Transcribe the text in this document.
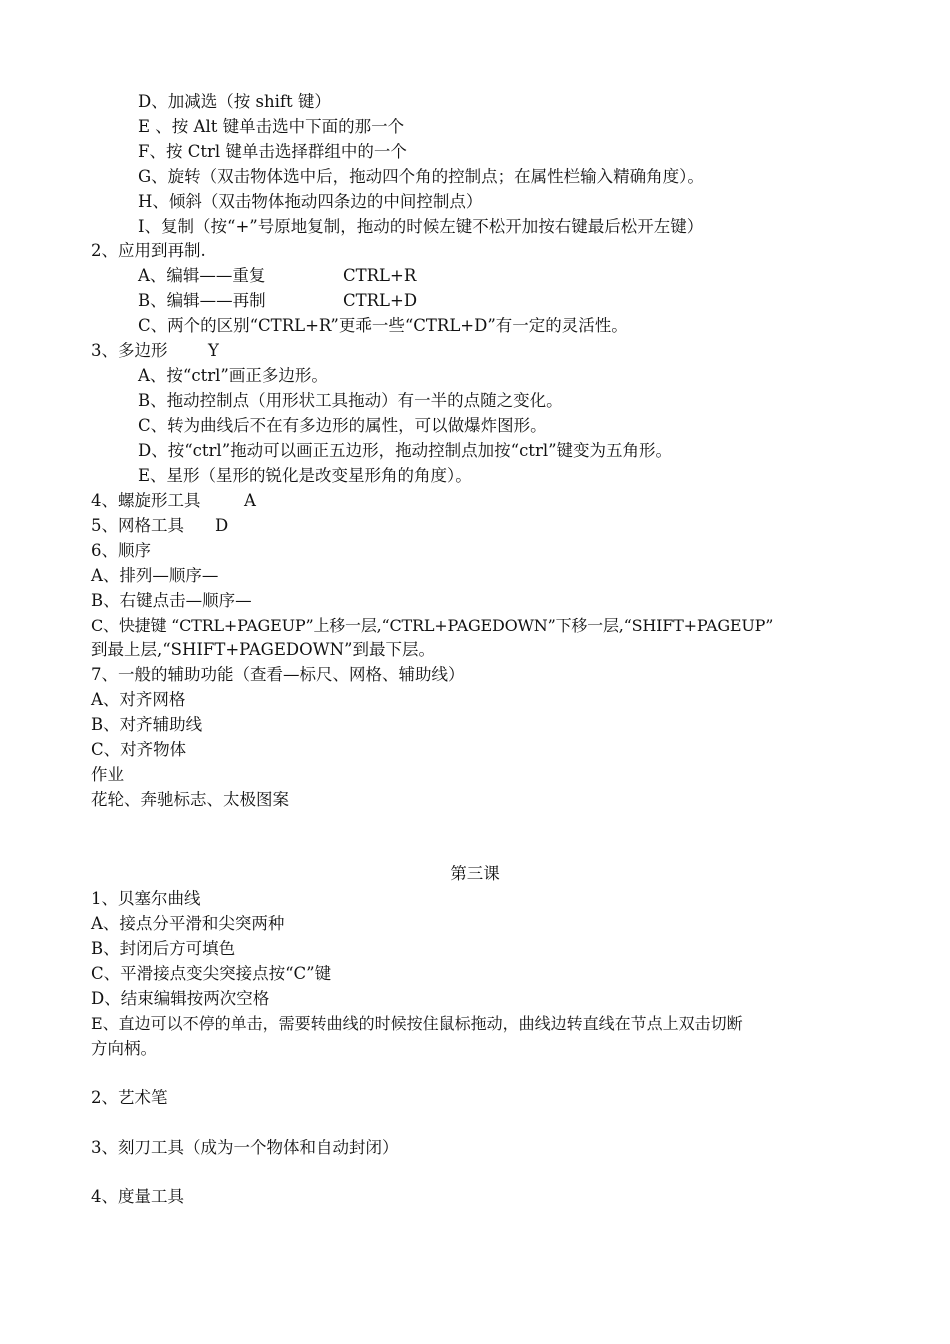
D、加减选（按 shift 键）
E 、按 Alt 键单击选中下面的那一个
F、按 Ctrl 键单击选择群组中的一个
G、旋转（双击物体选中后，拖动四个角的控制点；在属性栏输入精确角度）。
H、倾斜（双击物体拖动四条边的中间控制点）
I、复制（按“+”号原地复制，拖动的时候左键不松开加按右键最后松开左键）
2、应用到再制.
A、编辑——重复	CTRL+R
B、编辑——再制	CTRL+D
C、两个的区别“CTRL+R”更乖一些“CTRL+D”有一定的灵活性。
3、多边形 Y
A、按“ctrl”画正多边形。
B、拖动控制点（用形状工具拖动）有一半的点随之变化。
C、转为曲线后不在有多边形的属性，可以做爆炸图形。
D、按“ctrl”拖动可以画正五边形，拖动控制点加按“ctrl”键变为五角形。
E、星形（星形的锐化是改变星形角的角度）。
4、螺旋形工具	A
5、网格工具 D
6、顺序
A、排列—顺序—
B、右键点击—顺序—
C、快捷键 “CTRL+PAGEUP”上移一层,“CTRL+PAGEDOWN”下移一层,“SHIFT+PAGEUP”
到最上层,“SHIFT+PAGEDOWN”到最下层。
7、一般的辅助功能（查看—标尺、网格、辅助线）
A、对齐网格
B、对齐辅助线
C、对齐物体
作业
花轮、奔驰标志、太极图案
第三课
1、贝塞尔曲线
A、接点分平滑和尖突两种
B、封闭后方可填色
C、平滑接点变尖突接点按“C”键
D、结束编辑按两次空格
E、直边可以不停的单击，需要转曲线的时候按住鼠标拖动，曲线边转直线在节点上双击切断
方向柄。
2、艺术笔
3、刻刀工具（成为一个物体和自动封闭）
4、度量工具
